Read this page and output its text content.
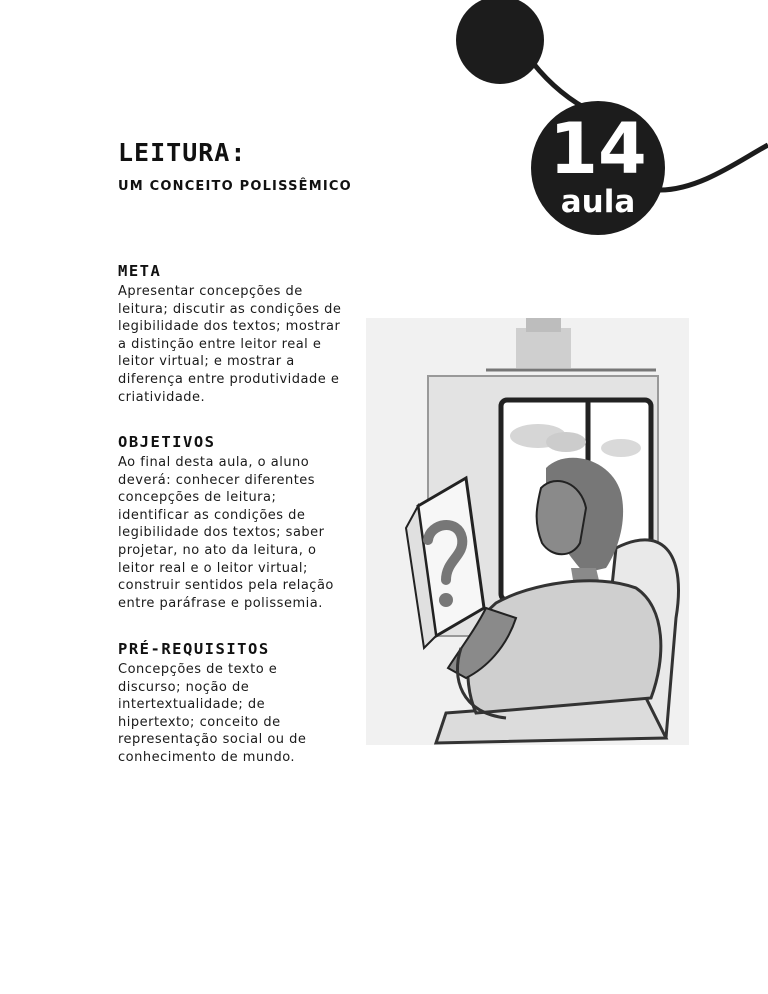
14
aula
LEITURA:
UM CONCEITO POLISSÊMICO
META

Apresentar concepções de
leitura; discutir as condições de
legibilidade dos textos; mostrar
a distinção entre leitor real e
leitor virtual; e mostrar a
diferença entre produtividade e
criatividade.

OBJETIVOS

Ao final desta aula, o aluno
deverá: conhecer diferentes
concepções de leitura;
identificar as condições de
legibilidade dos textos; saber
projetar, no ato da leitura, o
leitor real e o leitor virtual;
construir sentidos pela relação
entre paráfrase e polissemia.

PRÉ-REQUISITOS

Concepções de texto e
discurso; noção de
intertextualidade; de
hipertexto; conceito de
representação social ou de
conhecimento de mundo.
